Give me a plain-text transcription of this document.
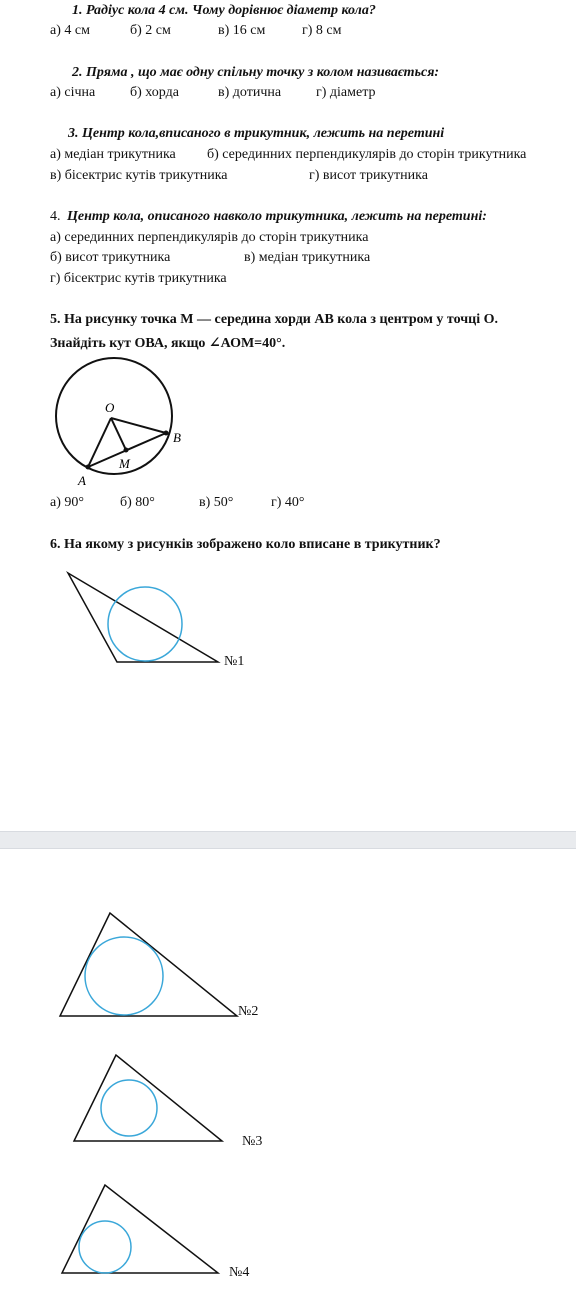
1. Радіус кола 4 см. Чому дорівнює діаметр кола?
а) 4 см	б) 2 см	в) 16 см	г) 8 см
2. Пряма , що має одну спільну точку з колом називається:
а) січна б) хорда	в) дотична г) діаметр
3. Центр кола,вписаного в трикутник, лежить на перетині
а) медіан трикутника б) серединних перпендикулярів до сторін трикутника
в) бісектрис кутів трикутника	г) висот трикутника
4. Центр кола, описаного навколо трикутника, лежить на перетині:
а) серединних перпендикулярів до сторін трикутника
б) висот трикутника	в) медіан трикутника
г) бісектрис кутів трикутника
5. На рисунку точка М — середина хорди АВ кола з центром у точці О.
Знайдіть кут ОВА, якщо ∠АОМ=40°.
O
B
M
A
а) 90°	б) 80°	в) 50°	г) 40°
6. На якому з рисунків зображено коло вписане в трикутник?
№1
№2
№3
№4
